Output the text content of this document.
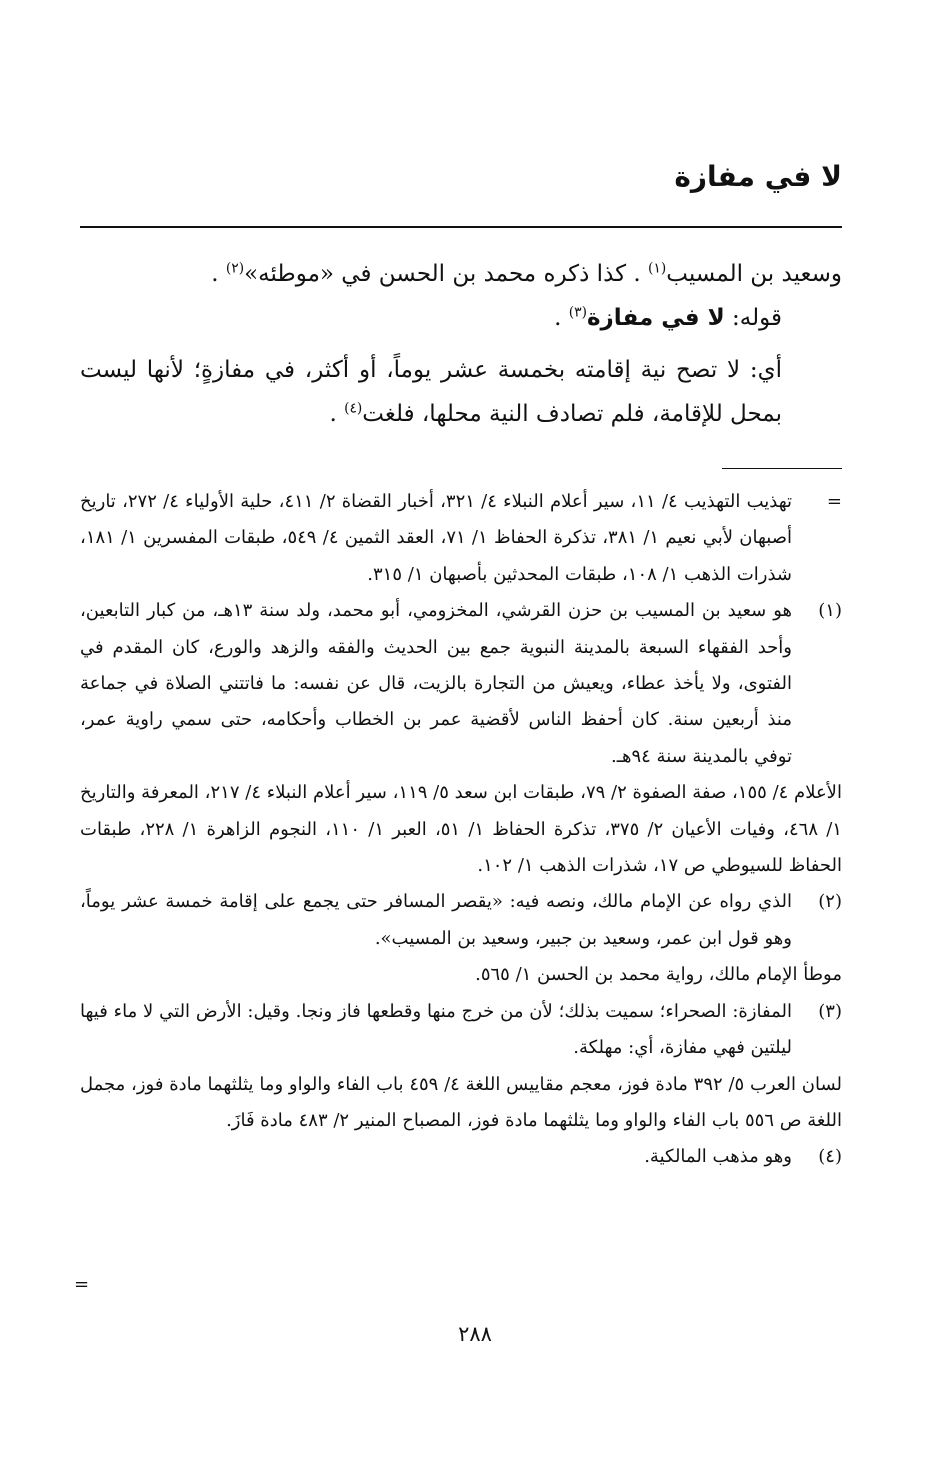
لا في مفازة

وسعيد بن المسيب$^{(١)}$ . كذا ذكره محمد بن الحسن في «موطئه»$^{(٢)}$ .

قوله: لا في مفازة$^{(٣)}$ .

أي: لا تصح نية إقامته بخمسة عشر يوماً، أو أكثر، في مفازةٍ؛ لأنها ليست بمحل للإقامة، فلم تصادف النية محلها، فلغت$^{(٤)}$ .

=
تهذيب التهذيب ٤/ ١١، سير أعلام النبلاء ٤/ ٣٢١، أخبار القضاة ٢/ ٤١١، حلية الأولياء ٤/ ٢٧٢، تاريخ أصبهان لأبي نعيم ١/ ٣٨١، تذكرة الحفاظ ١/ ٧١، العقد الثمين ٤/ ٥٤٩، طبقات المفسرين ١/ ١٨١، شذرات الذهب ١/ ١٠٨، طبقات المحدثين بأصبهان ١/ ٣١٥.
(١)
هو سعيد بن المسيب بن حزن القرشي، المخزومي، أبو محمد، ولد سنة ١٣هـ، من كبار التابعين، وأحد الفقهاء السبعة بالمدينة النبوية جمع بين الحديث والفقه والزهد والورع، كان المقدم في الفتوى، ولا يأخذ عطاء، ويعيش من التجارة بالزيت، قال عن نفسه: ما فاتتني الصلاة في جماعة منذ أربعين سنة. كان أحفظ الناس لأقضية عمر بن الخطاب وأحكامه، حتى سمي راوية عمر، توفي بالمدينة سنة ٩٤هـ.

الأعلام ٤/ ١٥٥، صفة الصفوة ٢/ ٧٩، طبقات ابن سعد ٥/ ١١٩، سير أعلام النبلاء ٤/ ٢١٧، المعرفة والتاريخ ١/ ٤٦٨، وفيات الأعيان ٢/ ٣٧٥، تذكرة الحفاظ ١/ ٥١، العبر ١/ ١١٠، النجوم الزاهرة ١/ ٢٢٨، طبقات الحفاظ للسيوطي ص ١٧، شذرات الذهب ١/ ١٠٢.

(٢)
الذي رواه عن الإمام مالك، ونصه فيه: «يقصر المسافر حتى يجمع على إقامة خمسة عشر يوماً، وهو قول ابن عمر، وسعيد بن جبير، وسعيد بن المسيب».

موطأ الإمام مالك، رواية محمد بن الحسن ١/ ٥٦٥.

(٣)
المفازة: الصحراء؛ سميت بذلك؛ لأن من خرج منها وقطعها فاز ونجا. وقيل: الأرض التي لا ماء فيها ليلتين فهي مفازة، أي: مهلكة.

لسان العرب ٥/ ٣٩٢ مادة فوز، معجم مقاييس اللغة ٤/ ٤٥٩ باب الفاء والواو وما يثلثهما مادة فوز، مجمل اللغة ص ٥٥٦ باب الفاء والواو وما يثلثهما مادة فوز، المصباح المنير ٢/ ٤٨٣ مادة فَازَ.

(٤)
وهو مذهب المالكية.
=
٢٨٨
